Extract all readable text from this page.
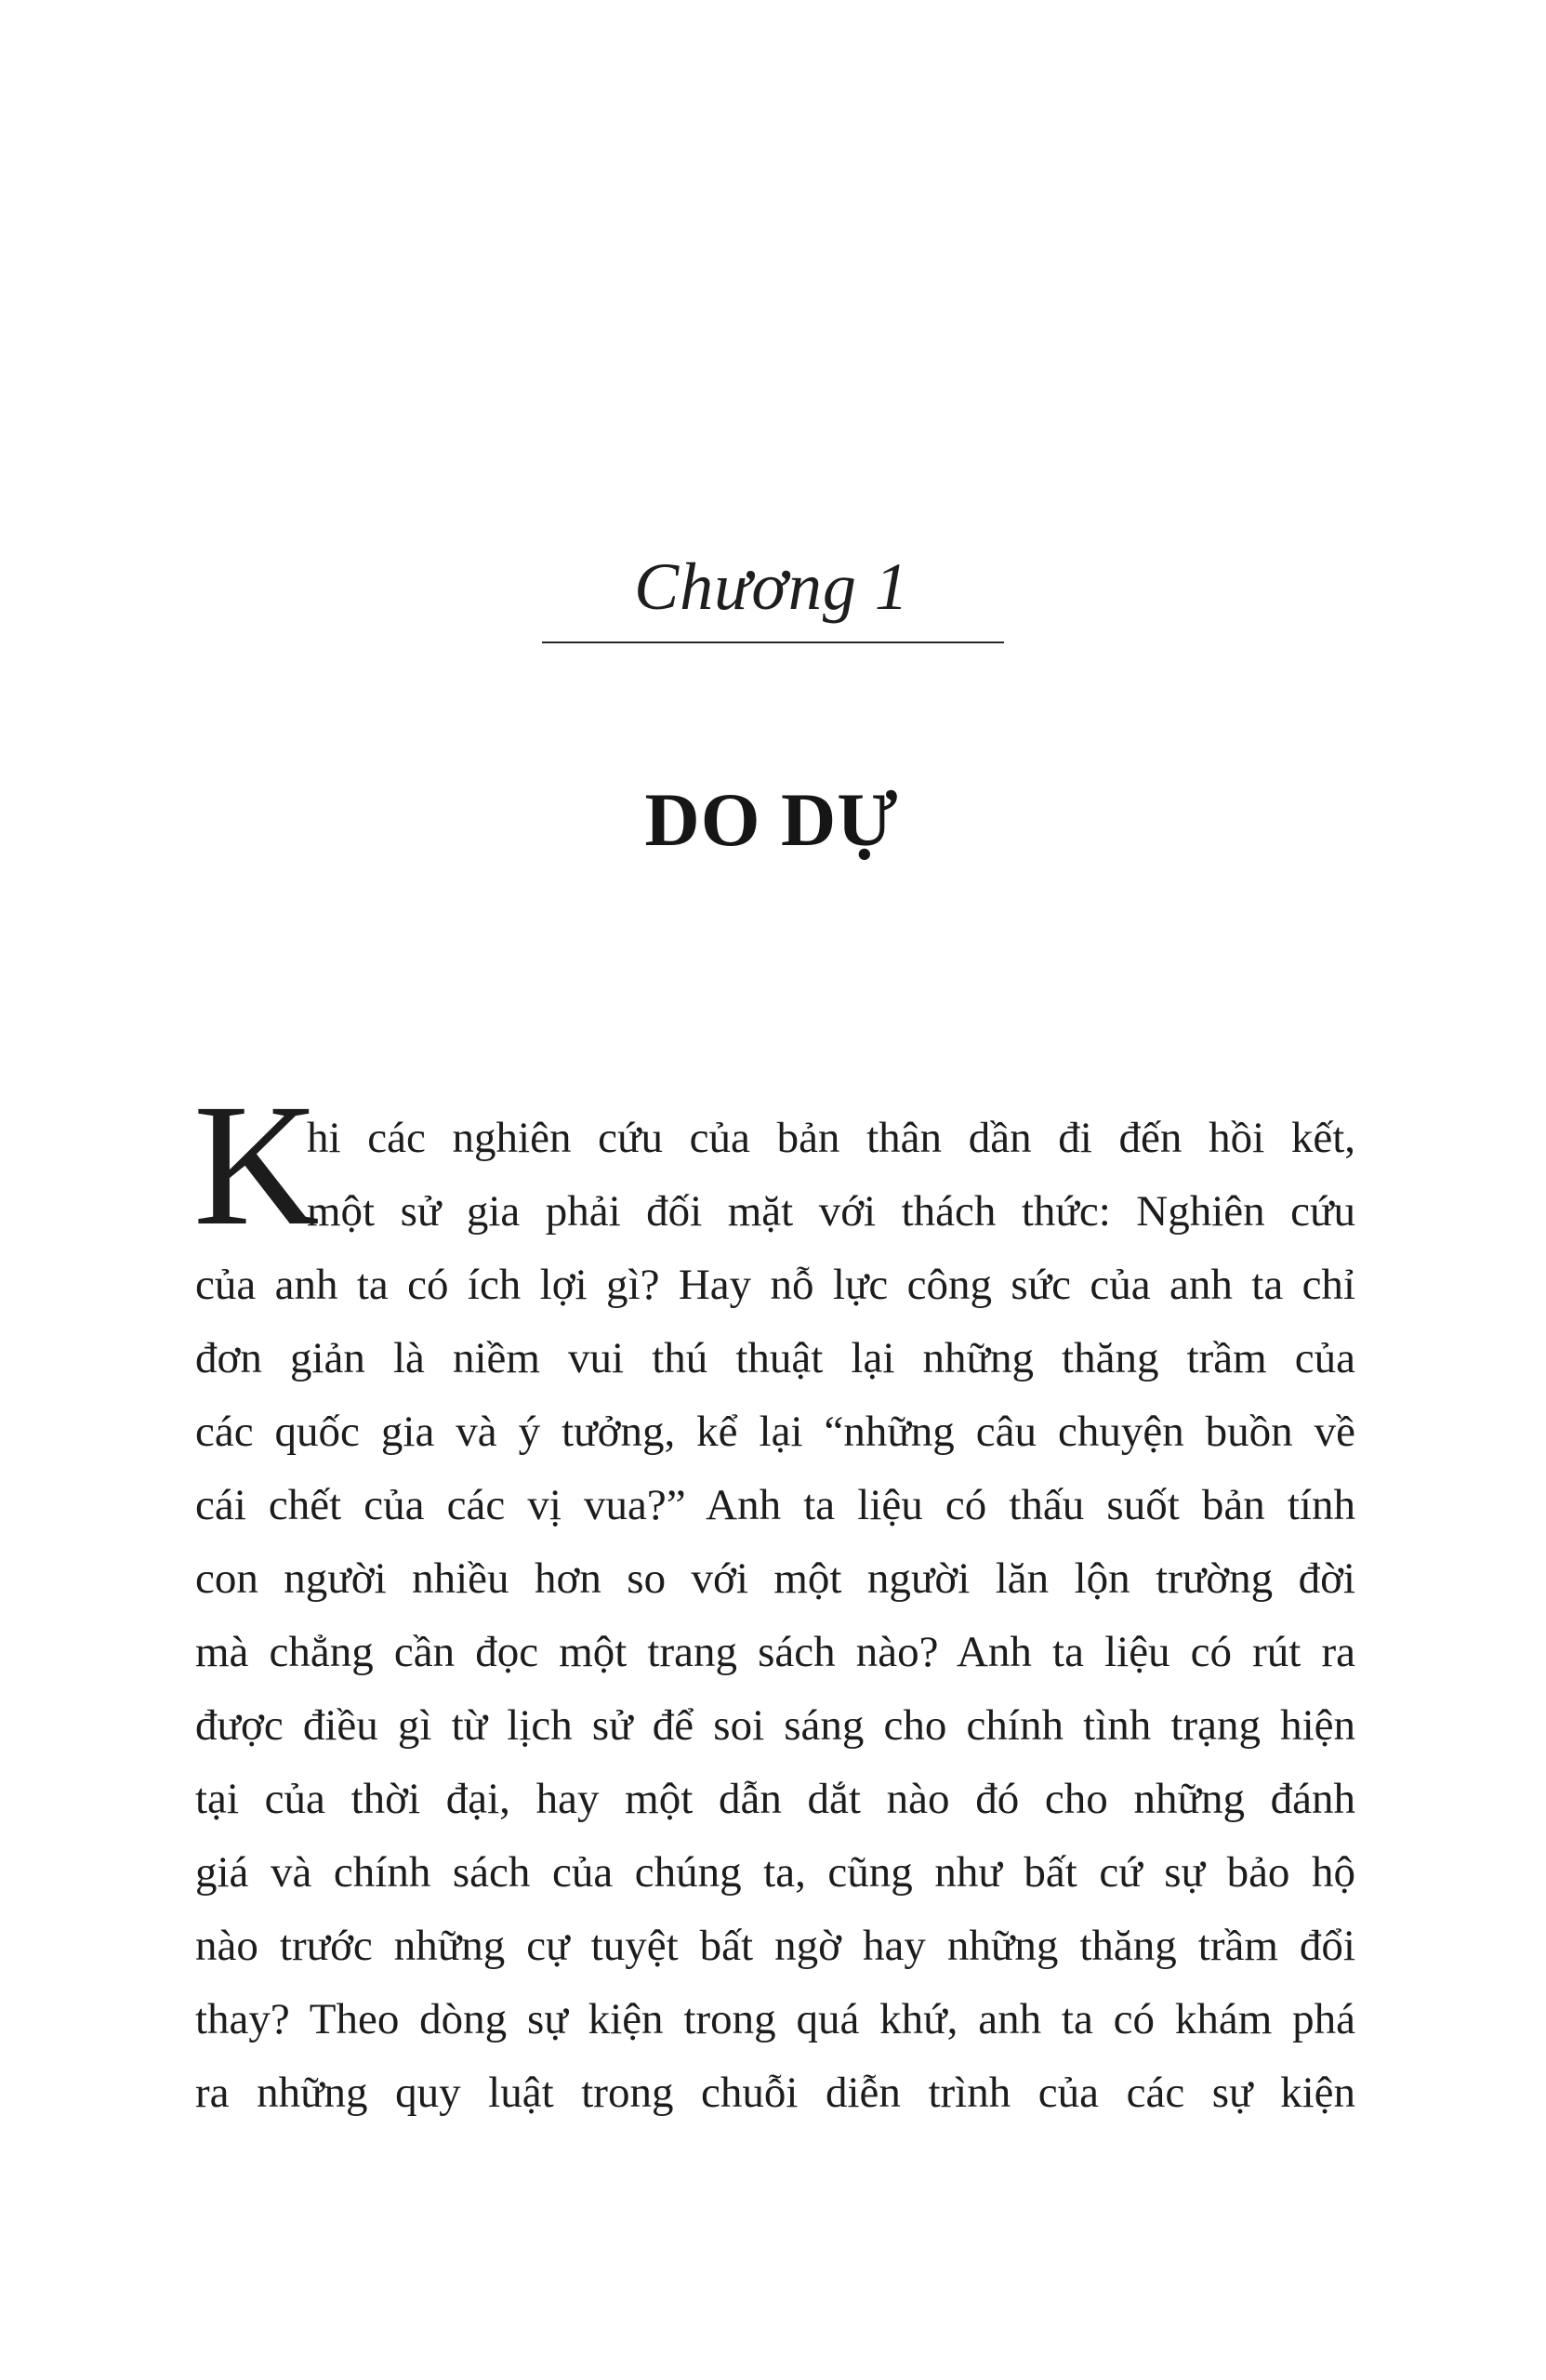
Chương 1
DO DỰ
K
hi các nghiên cứu của bản thân dần đi đến hồi kết,
một sử gia phải đối mặt với thách thức: Nghiên cứu
của anh ta có ích lợi gì? Hay nỗ lực công sức của anh ta chỉ
đơn giản là niềm vui thú thuật lại những thăng trầm của
các quốc gia và ý tưởng, kể lại “những câu chuyện buồn về
cái chết của các vị vua?” Anh ta liệu có thấu suốt bản tính
con người nhiều hơn so với một người lăn lộn trường đời
mà chẳng cần đọc một trang sách nào? Anh ta liệu có rút ra
được điều gì từ lịch sử để soi sáng cho chính tình trạng hiện
tại của thời đại, hay một dẫn dắt nào đó cho những đánh
giá và chính sách của chúng ta, cũng như bất cứ sự bảo hộ
nào trước những cự tuyệt bất ngờ hay những thăng trầm đổi
thay? Theo dòng sự kiện trong quá khứ, anh ta có khám phá
ra những quy luật trong chuỗi diễn trình của các sự kiện
